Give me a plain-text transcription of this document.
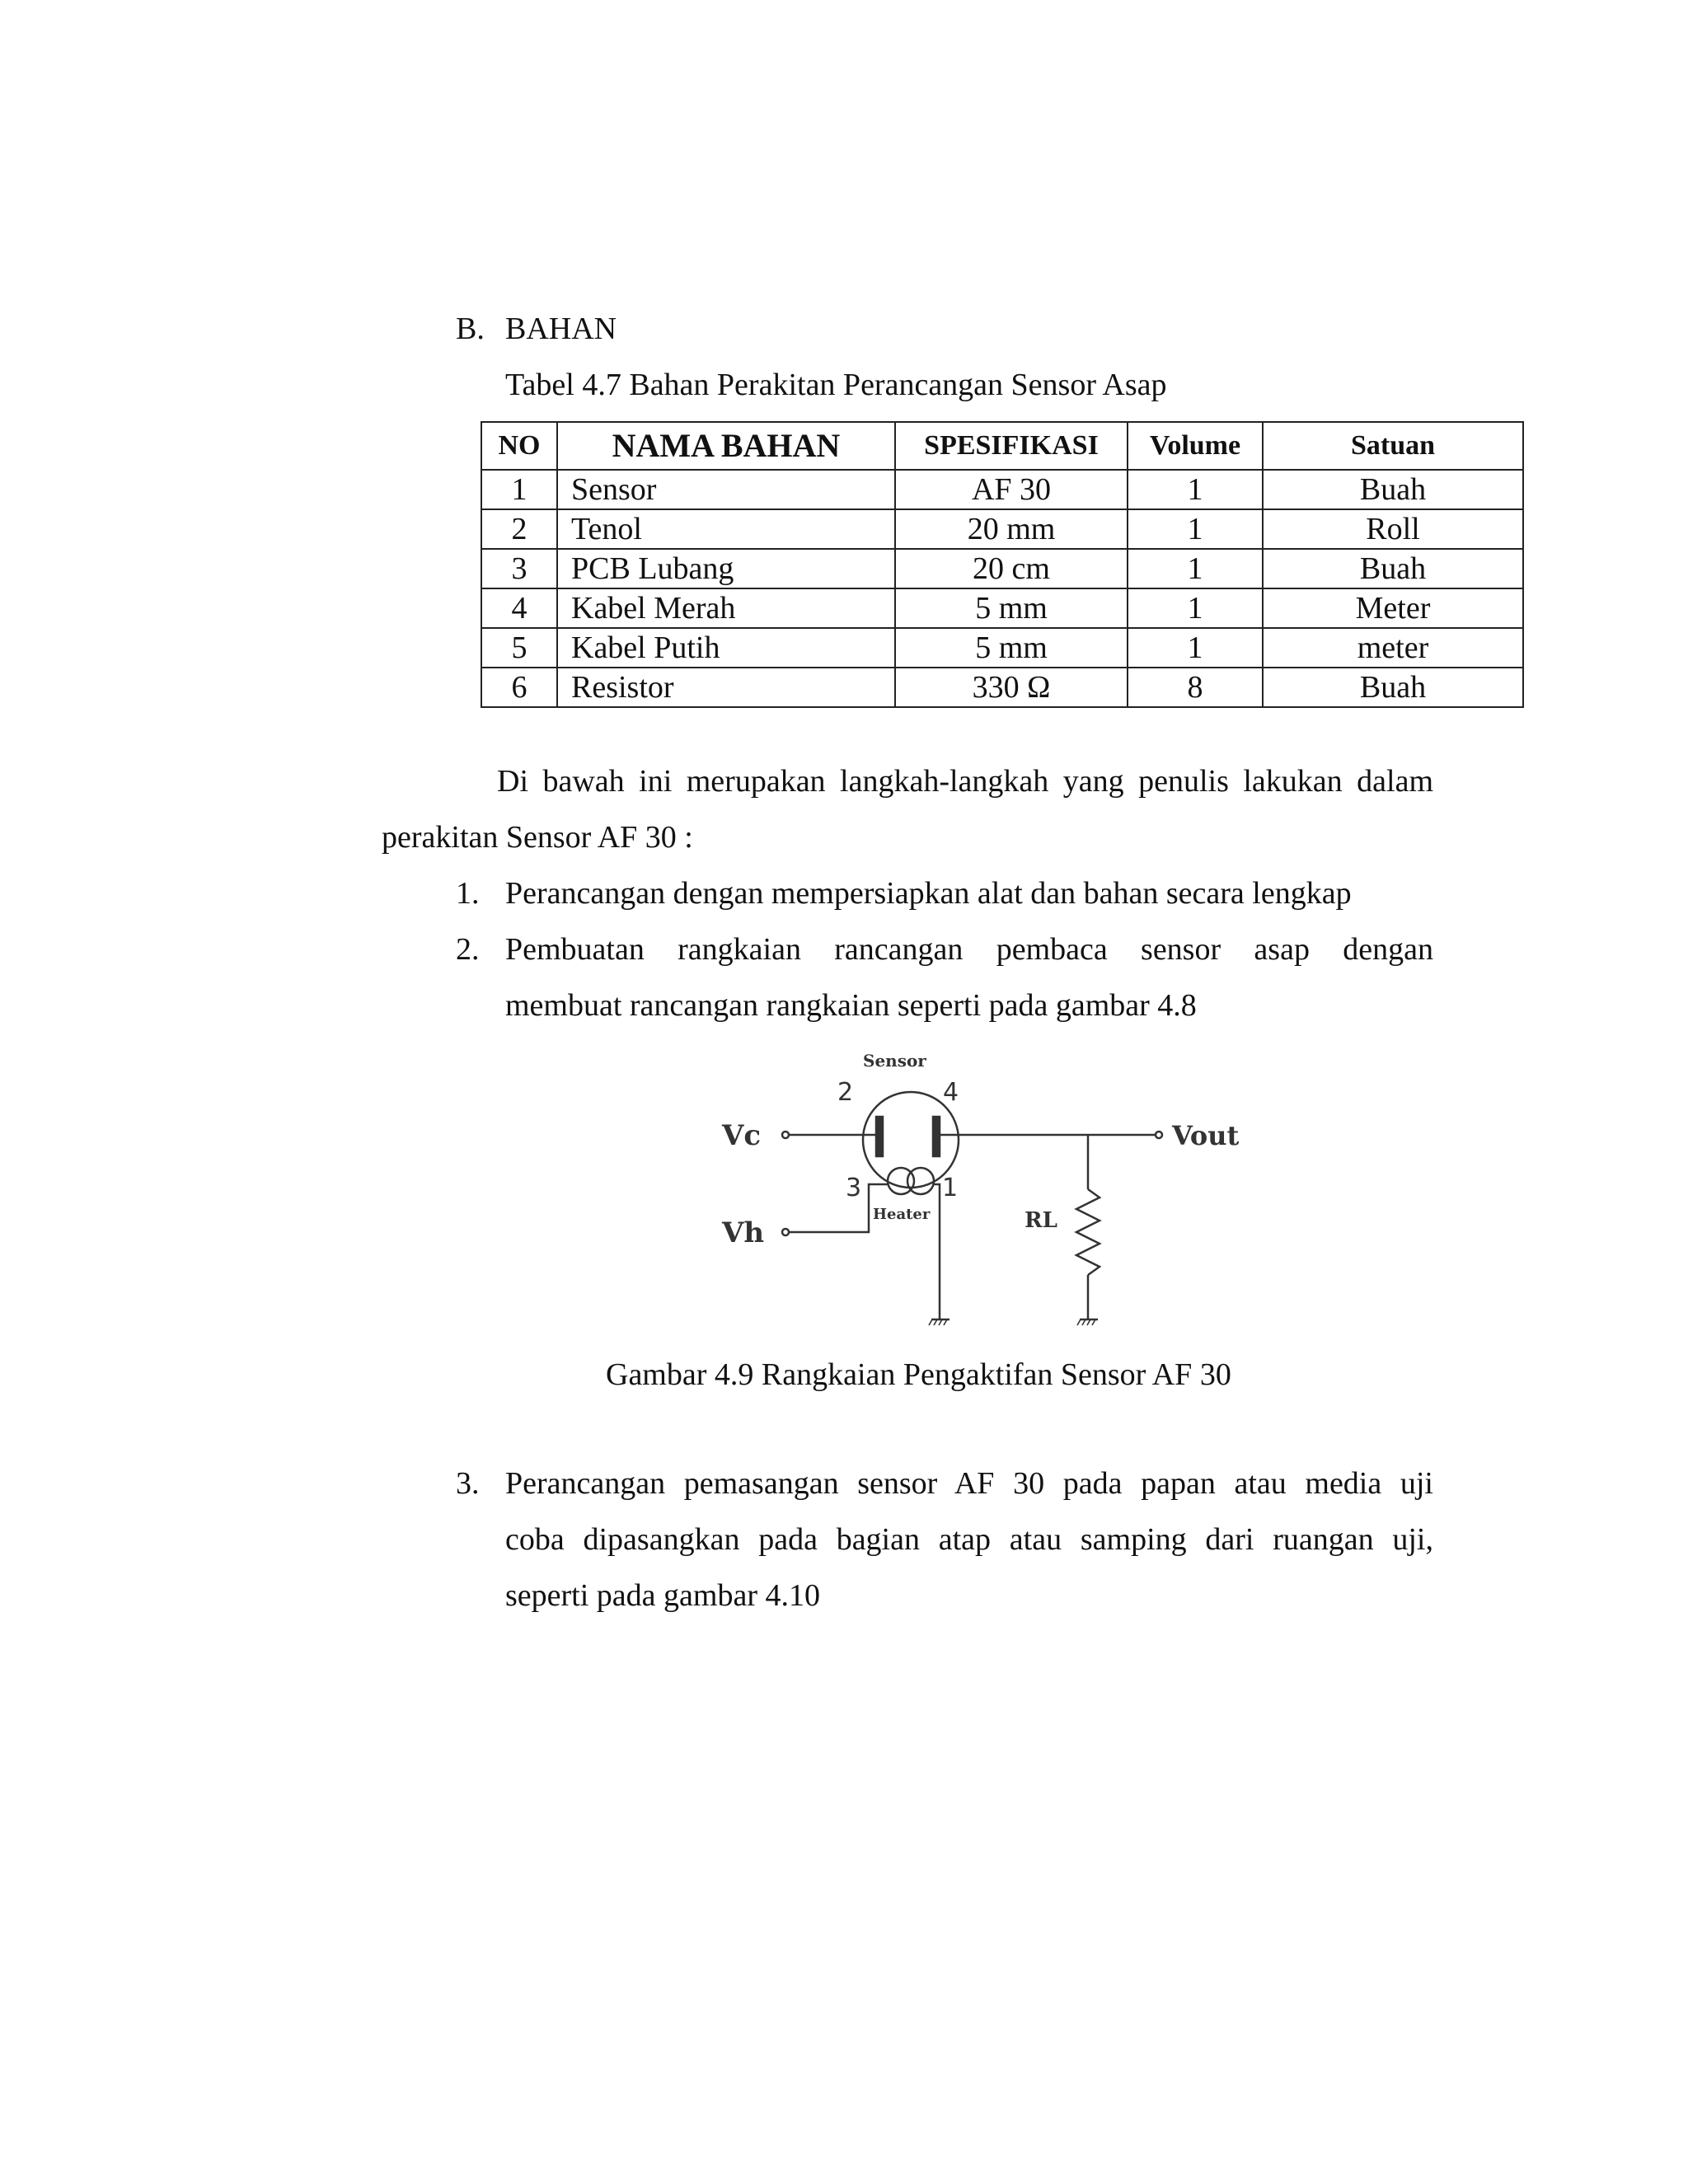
B. BAHAN
Tabel 4.7 Bahan Perakitan Perancangan Sensor Asap
NO	NAMA BAHAN	SPESIFIKASI	Volume	Satuan
1	Sensor	AF 30	1	Buah
2	Tenol	20 mm	1	Roll
3	PCB Lubang	20 cm	1	Buah
4	Kabel Merah	5 mm	1	Meter
5	Kabel Putih	5 mm	1	meter
6	Resistor	330 Ω	8	Buah
Di bawah ini merupakan langkah-langkah yang penulis lakukan dalam
perakitan Sensor AF 30 :
1. Perancangan dengan mempersiapkan alat dan bahan secara lengkap
2. Pembuatan rangkaian rancangan pembaca sensor asap dengan
membuat rancangan rangkaian seperti pada gambar 4.8
Sensor
2	4
3	1
Vc
Vh
Vout
Heater	RL
Gambar 4.9 Rangkaian Pengaktifan Sensor AF 30
3. Perancangan pemasangan sensor AF 30 pada papan atau media uji
coba dipasangkan pada bagian atap atau samping dari ruangan uji,
seperti pada gambar 4.10
